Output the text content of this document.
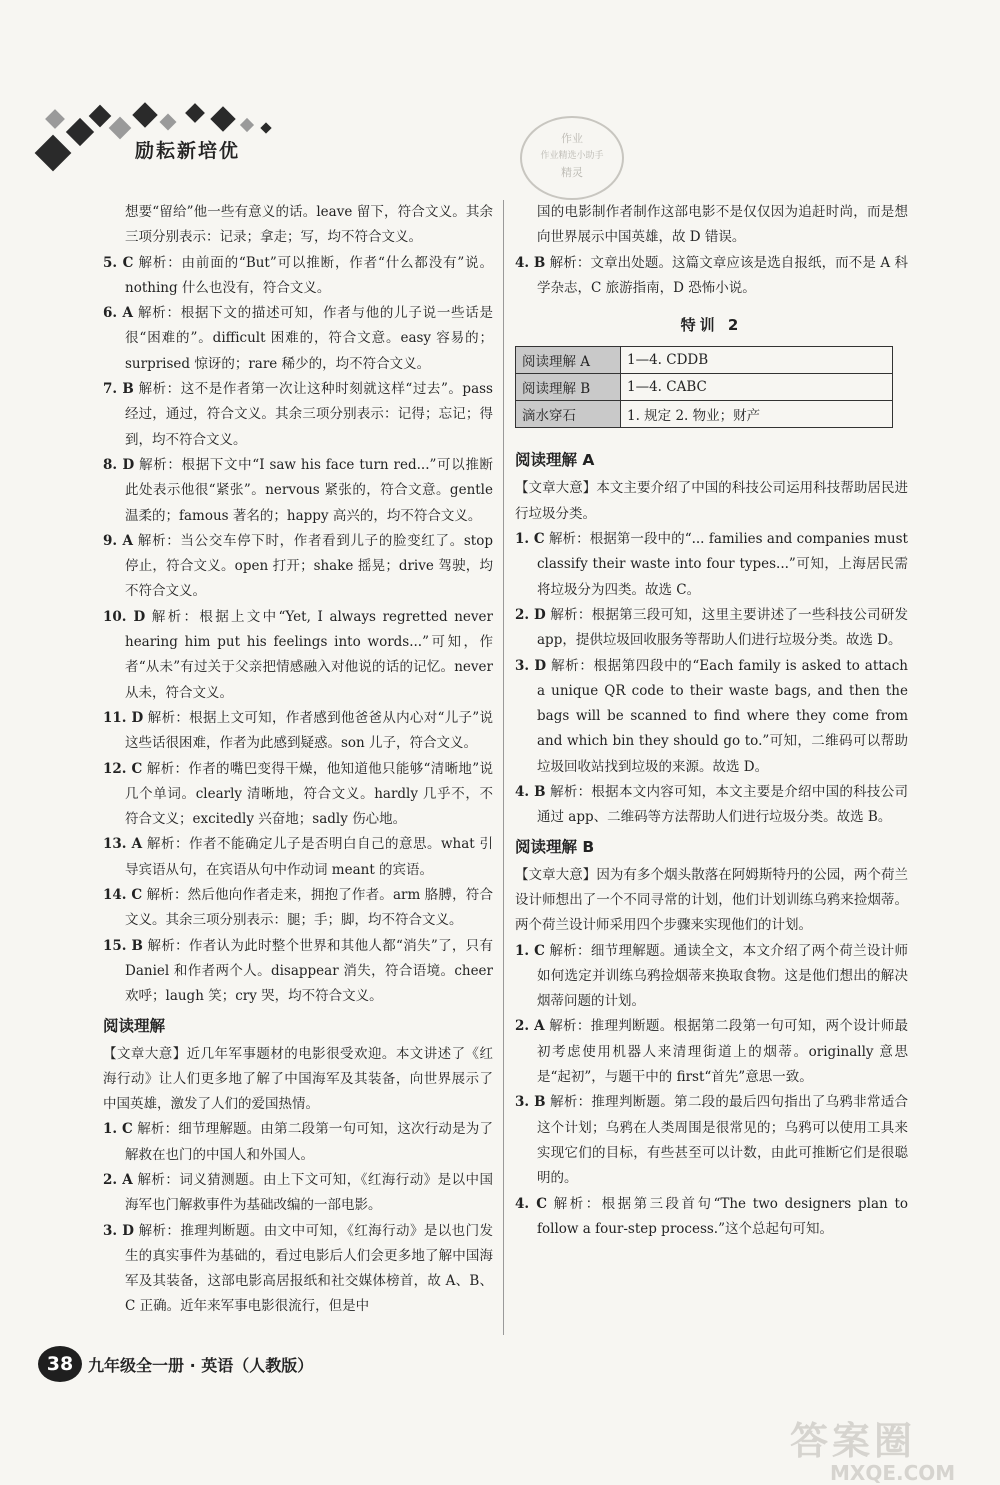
励耘新培优
作业
作业精选小助手
精灵

想要“留给”他一些有意义的话。leave 留下，符合文义。其余三项分别表示：记录；拿走；写，均不符合文义。

5. C 解析：由前面的“But”可以推断，作者“什么都没有”说。nothing 什么也没有，符合文义。

6. A 解析：根据下文的描述可知，作者与他的儿子说一些话是很“困难的”。difficult 困难的，符合文意。easy 容易的；surprised 惊讶的；rare 稀少的，均不符合文义。

7. B 解析：这不是作者第一次让这种时刻就这样“过去”。pass 经过，通过，符合文义。其余三项分别表示：记得；忘记；得到，均不符合文义。

8. D 解析：根据下文中“I saw his face turn red...”可以推断此处表示他很“紧张”。nervous 紧张的，符合文意。gentle 温柔的；famous 著名的；happy 高兴的，均不符合文义。

9. A 解析：当公交车停下时，作者看到儿子的脸变红了。stop 停止，符合文义。open 打开；shake 摇晃；drive 驾驶，均不符合文义。

10. D 解析：根据上文中“Yet, I always regretted never hearing him put his feelings into words...”可知，作者“从未”有过关于父亲把情感融入对他说的话的记忆。never 从未，符合文义。

11. D 解析：根据上文可知，作者感到他爸爸从内心对“儿子”说这些话很困难，作者为此感到疑惑。son 儿子，符合文义。

12. C 解析：作者的嘴巴变得干燥，他知道他只能够“清晰地”说几个单词。clearly 清晰地，符合文义。hardly 几乎不，不符合文义；excitedly 兴奋地；sadly 伤心地。

13. A 解析：作者不能确定儿子是否明白自己的意思。what 引导宾语从句，在宾语从句中作动词 meant 的宾语。

14. C 解析：然后他向作者走来，拥抱了作者。arm 胳膊，符合文义。其余三项分别表示：腿；手；脚，均不符合文义。

15. B 解析：作者认为此时整个世界和其他人都“消失”了，只有 Daniel 和作者两个人。disappear 消失，符合语境。cheer 欢呼；laugh 笑；cry 哭，均不符合文义。

阅读理解

【文章大意】近几年军事题材的电影很受欢迎。本文讲述了《红海行动》让人们更多地了解了中国海军及其装备，向世界展示了中国英雄，激发了人们的爱国热情。

1. C 解析：细节理解题。由第二段第一句可知，这次行动是为了解救在也门的中国人和外国人。

2. A 解析：词义猜测题。由上下文可知，《红海行动》是以中国海军也门解救事件为基础改编的一部电影。

3. D 解析：推理判断题。由文中可知，《红海行动》是以也门发生的真实事件为基础的，看过电影后人们会更多地了解中国海军及其装备，这部电影高居报纸和社交媒体榜首，故 A、B、C 正确。近年来军事电影很流行，但是中

国的电影制作者制作这部电影不是仅仅因为追赶时尚，而是想向世界展示中国英雄，故 D 错误。

4. B 解析：文章出处题。这篇文章应该是选自报纸，而不是 A 科学杂志，C 旅游指南，D 恐怖小说。

特训 2

阅读理解 A	1—4. CDDB
阅读理解 B	1—4. CABC
滴水穿石	1. 规定 2. 物业；财产

阅读理解 A

【文章大意】本文主要介绍了中国的科技公司运用科技帮助居民进行垃圾分类。

1. C 解析：根据第一段中的“... families and companies must classify their waste into four types...”可知，上海居民需将垃圾分为四类。故选 C。

2. D 解析：根据第三段可知，这里主要讲述了一些科技公司研发 app，提供垃圾回收服务等帮助人们进行垃圾分类。故选 D。

3. D 解析：根据第四段中的“Each family is asked to attach a unique QR code to their waste bags, and then the bags will be scanned to find where they come from and which bin they should go to.”可知，二维码可以帮助垃圾回收站找到垃圾的来源。故选 D。

4. B 解析：根据本文内容可知，本文主要是介绍中国的科技公司通过 app、二维码等方法帮助人们进行垃圾分类。故选 B。

阅读理解 B

【文章大意】因为有多个烟头散落在阿姆斯特丹的公园，两个荷兰设计师想出了一个不同寻常的计划，他们计划训练乌鸦来捡烟蒂。两个荷兰设计师采用四个步骤来实现他们的计划。

1. C 解析：细节理解题。通读全文，本文介绍了两个荷兰设计师如何选定并训练乌鸦捡烟蒂来换取食物。这是他们想出的解决烟蒂问题的计划。

2. A 解析：推理判断题。根据第二段第一句可知，两个设计师最初考虑使用机器人来清理街道上的烟蒂。originally 意思是“起初”，与题干中的 first“首先”意思一致。

3. B 解析：推理判断题。第二段的最后四句指出了乌鸦非常适合这个计划；乌鸦在人类周围是很常见的；乌鸦可以使用工具来实现它们的目标，有些甚至可以计数，由此可推断它们是很聪明的。

4. C 解析：根据第三段首句“The two designers plan to follow a four-step process.”这个总起句可知。

38 九年级全一册 · 英语（人教版）
答案圈
MXQE.COM
